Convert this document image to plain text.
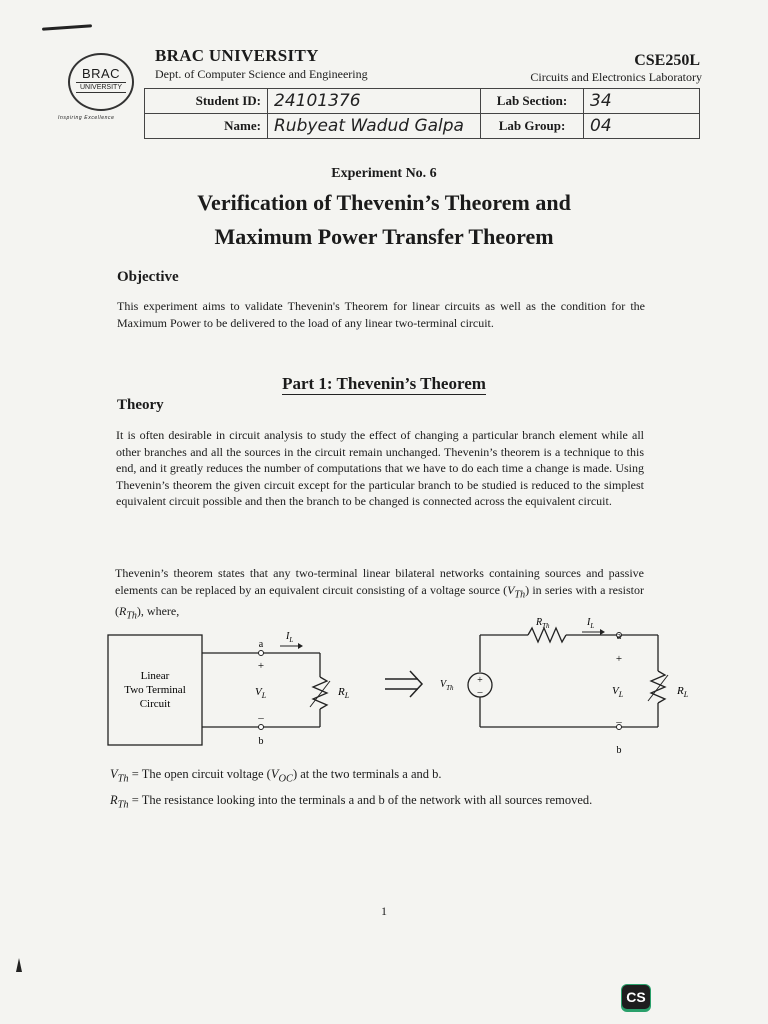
BRAC
UNIVERSITY
Inspiring Excellence
BRAC UNIVERSITY
Dept. of Computer Science and Engineering
CSE250L
Circuits and Electronics Laboratory
Student ID:	24101376	Lab Section:	34
Name:	Rubyeat Wadud Galpa	Lab Group:	04
Experiment No. 6
Verification of Thevenin’s Theorem and
Maximum Power Transfer Theorem
Objective
This experiment aims to validate Thevenin's Theorem for linear circuits as well as the condition for the Maximum Power to be delivered to the load of any linear two-terminal circuit.
Part 1: Thevenin’s Theorem
Theory
It is often desirable in circuit analysis to study the effect of changing a particular branch element while all other branches and all the sources in the circuit remain unchanged. Thevenin’s theorem is a technique to this end, and it greatly reduces the number of computations that we have to do each time a change is made. Using Thevenin’s theorem the given circuit except for the particular branch to be studied is reduced to the simplest equivalent circuit possible and then the branch to be changed is connected across the equivalent circuit.
Thevenin’s theorem states that any two-terminal linear bilateral networks containing sources and passive elements can be replaced by an equivalent circuit consisting of a voltage source $(V_{Th})$ in series with a resistor $(R_{Th})$, where,
Linear
Two Terminal
Circuit
a
b
+
–
$V_L$	$R_L$
$I_L$
+
–
a
b
+
–
$V_L$	$R_L$
$R_{Th}$
$V_{Th}$
$I_L$
$V_{Th}$ = The open circuit voltage $(V_{OC})$ at the two terminals a and b.
$R_{Th}$ = The resistance looking into the terminals a and b of the network with all sources removed.
1
CS
